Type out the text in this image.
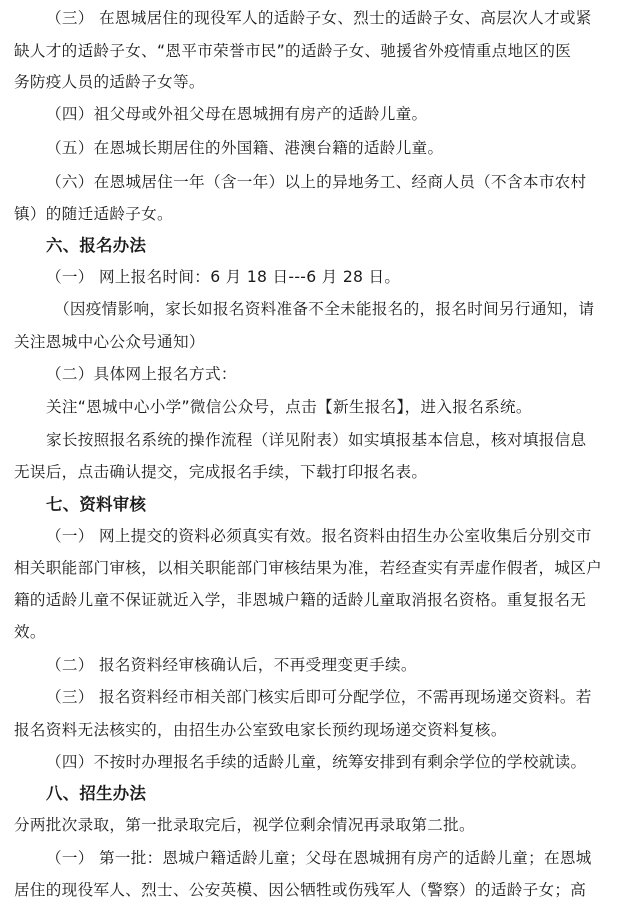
（三） 在恩城居住的现役军人的适龄子女、烈士的适龄子女、高层次人才或紧
缺人才的适龄子女、“恩平市荣誉市民”的适龄子女、驰援省外疫情重点地区的医
务防疫人员的适龄子女等。
（四）祖父母或外祖父母在恩城拥有房产的适龄儿童。
（五）在恩城长期居住的外国籍、港澳台籍的适龄儿童。
（六）在恩城居住一年（含一年）以上的异地务工、经商人员（不含本市农村
镇）的随迁适龄子女。
六、报名办法
（一） 网上报名时间：6 月 18 日---6 月 28 日。
（因疫情影响，家长如报名资料准备不全未能报名的，报名时间另行通知，请
关注恩城中心公众号通知）
（二）具体网上报名方式：
关注“恩城中心小学”微信公众号，点击【新生报名】，进入报名系统。
家长按照报名系统的操作流程（详见附表）如实填报基本信息，核对填报信息
无误后，点击确认提交，完成报名手续，下载打印报名表。
七、资料审核
（一） 网上提交的资料必须真实有效。报名资料由招生办公室收集后分别交市
相关职能部门审核，以相关职能部门审核结果为准，若经查实有弄虚作假者，城区户
籍的适龄儿童不保证就近入学，非恩城户籍的适龄儿童取消报名资格。重复报名无
效。
（二） 报名资料经审核确认后，不再受理变更手续。
（三） 报名资料经市相关部门核实后即可分配学位，不需再现场递交资料。若
报名资料无法核实的，由招生办公室致电家长预约现场递交资料复核。
（四）不按时办理报名手续的适龄儿童，统筹安排到有剩余学位的学校就读。
八、招生办法
分两批次录取，第一批录取完后，视学位剩余情况再录取第二批。
（一） 第一批：恩城户籍适龄儿童；父母在恩城拥有房产的适龄儿童；在恩城
居住的现役军人、烈士、公安英模、因公牺牲或伤残军人（警察）的适龄子女；高
